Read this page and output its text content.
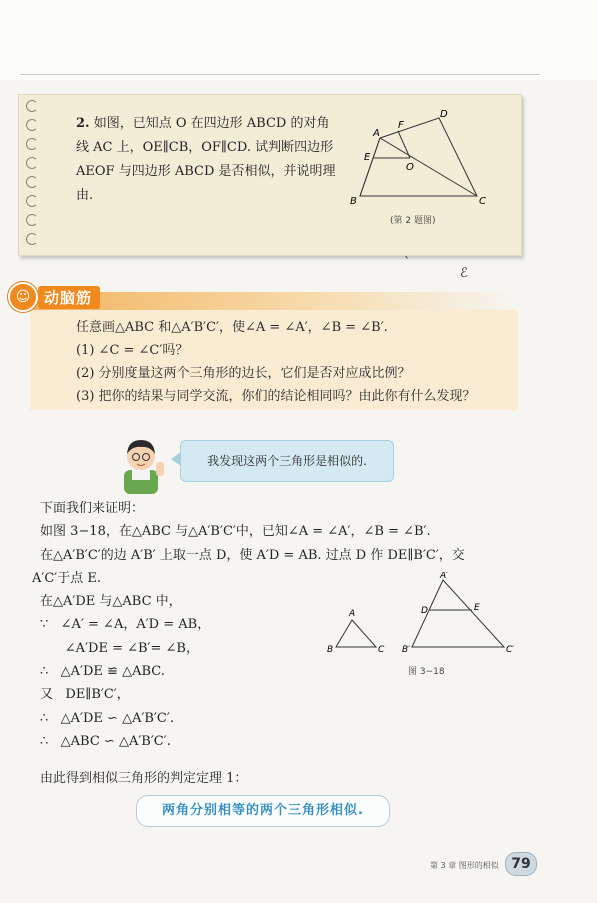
2. 如图，已知点 O 在四边形 ABCD 的对角
线 AC 上，OE∥CB，OF∥CD. 试判断四边形
AEOF 与四边形 ABCD 是否相似，并说明理由.
A
F
D
E
O
B	C
(第 2 题图)
ˋ
ℰ
☺ 动脑筋
任意画△ABC 和△A′B′C′，使∠A = ∠A′，∠B = ∠B′.
(1) ∠C = ∠C′吗？
(2) 分别度量这两个三角形的边长，它们是否对应成比例？
(3) 把你的结果与同学交流，你们的结论相同吗？由此你有什么发现？
我发现这两个三角形是相似的.
下面我们来证明：
如图 3−18，在△ABC 与△A′B′C′中，已知∠A = ∠A′，∠B = ∠B′.
在△A′B′C′的边 A′B′ 上取一点 D，使 A′D = AB. 过点 D 作 DE∥B′C′，交
A′C′于点 E.
在△A′DE 与△ABC 中，
∵   ∠A′ = ∠A，A′D = AB，
∠A′DE = ∠B′= ∠B，
∴   △A′DE ≌ △ABC.
又   DE∥B′C′，
∴   △A′DE ∽ △A′B′C′.
∴   △ABC ∽ △A′B′C′.
A
B	C
A′
D	E
B′	C′
图 3−18
由此得到相似三角形的判定定理 1：
两角分别相等的两个三角形相似.
第 3 章 图形的相似 79
